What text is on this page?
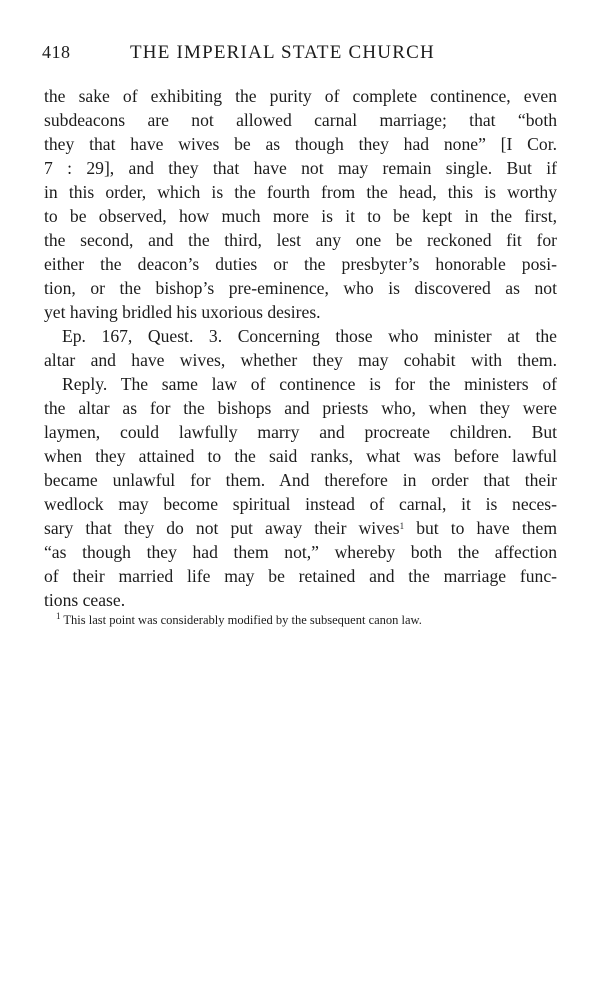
418	THE IMPERIAL STATE CHURCH
the sake of exhibiting the purity of complete continence, even
subdeacons are not allowed carnal marriage; that “both
they that have wives be as though they had none” [I Cor.
7 : 29], and they that have not may remain single. But if
in this order, which is the fourth from the head, this is worthy
to be observed, how much more is it to be kept in the first,
the second, and the third, lest any one be reckoned fit for
either the deacon’s duties or the presbyter’s honorable posi-
tion, or the bishop’s pre-eminence, who is discovered as not
yet having bridled his uxorious desires.
Ep. 167, Quest. 3. Concerning those who minister at the
altar and have wives, whether they may cohabit with them.
Reply. The same law of continence is for the ministers of
the altar as for the bishops and priests who, when they were
laymen, could lawfully marry and procreate children. But
when they attained to the said ranks, what was before lawful
became unlawful for them. And therefore in order that their
wedlock may become spiritual instead of carnal, it is neces-
sary that they do not put away their wives$^1$ but to have them
“as though they had them not,” whereby both the affection
of their married life may be retained and the marriage func-
tions cease.
$^1$ This last point was considerably modified by the subsequent canon law.
